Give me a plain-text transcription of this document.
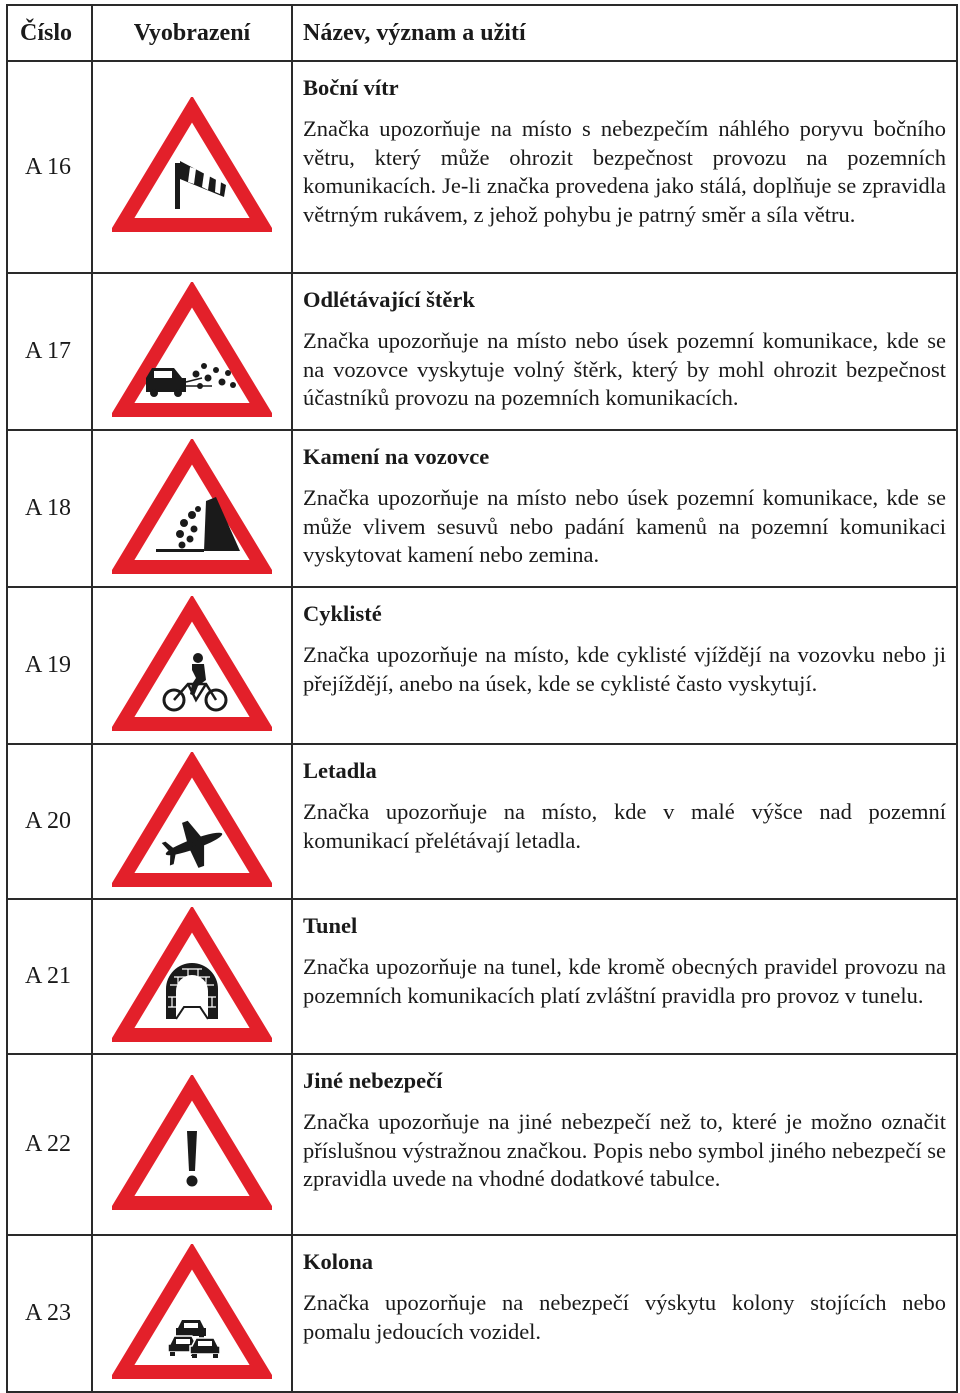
Číslo	Vyobrazení	Název, význam a užití
A 16		Boční vítr

Značka upozorňuje na místo s nebezpečím náhlého poryvu bočního větru, který může ohrozit bezpečnost provozu na pozemních komunikacích. Je-li značka provedena jako stálá, doplňuje se zpravidla větrným rukávem, z jehož pohybu je patrný směr a síla větru.

A 17		Odlétávající štěrk

Značka upozorňuje na místo nebo úsek pozemní komunikace, kde se na vozovce vyskytuje volný štěrk, který by mohl ohrozit bezpečnost účastníků provozu na pozemních komunikacích.

A 18		Kamení na vozovce

Značka upozorňuje na místo nebo úsek pozemní komunikace, kde se může vlivem sesuvů nebo padání kamenů na pozemní komunikaci vyskytovat kamení nebo zemina.

A 19		Cyklisté

Značka upozorňuje na místo, kde cyklisté vjíždějí na vozovku nebo ji přejíždějí, anebo na úsek, kde se cyklisté často vyskytují.

A 20		Letadla

Značka upozorňuje na místo, kde v malé výšce nad pozemní komunikací přelétávají letadla.

A 21		Tunel

Značka upozorňuje na tunel, kde kromě obecných pravidel provozu na pozemních komunikacích platí zvláštní pravidla pro provoz v tunelu.

A 22		Jiné nebezpečí

Značka upozorňuje na jiné nebezpečí než to, které je možno označit příslušnou výstražnou značkou. Popis nebo symbol jiného nebezpečí se zpravidla uvede na vhodné dodatkové tabulce.

A 23		Kolona

Značka upozorňuje na nebezpečí výskytu kolony stojících nebo pomalu jedoucích vozidel.
